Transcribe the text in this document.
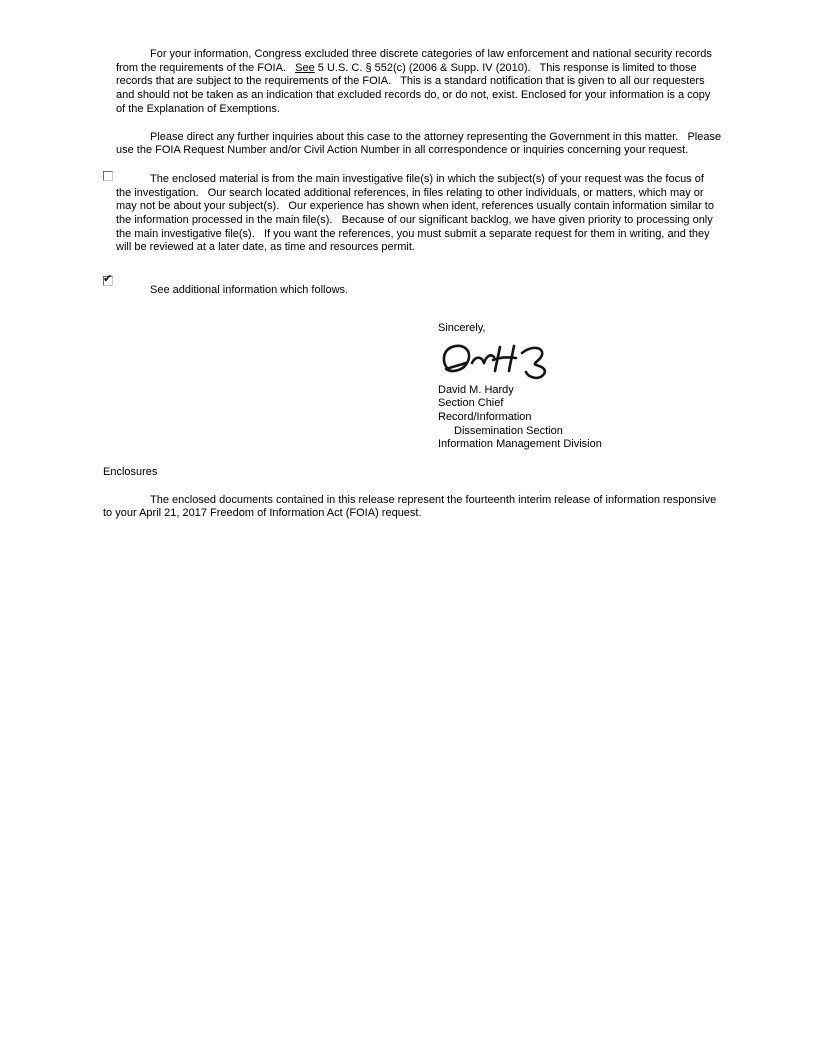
For your information, Congress excluded three discrete categories of law enforcement and national security records from the requirements of the FOIA.   See 5 U.S. C. § 552(c) (2006 & Supp. IV (2010).   This response is limited to those records that are subject to the requirements of the FOIA.   This is a standard notification that is given to all our requesters and should not be taken as an indication that excluded records do, or do not, exist. Enclosed for your information is a copy of the Explanation of Exemptions.

Please direct any further inquiries about this case to the attorney representing the Government in this matter.   Please use the FOIA Request Number and/or Civil Action Number in all correspondence or inquiries concerning your request.

The enclosed material is from the main investigative file(s) in which the subject(s) of your request was the focus of the investigation.   Our search located additional references, in files relating to other individuals, or matters, which may or may not be about your subject(s).   Our experience has shown when ident, references usually contain information similar to the information processed in the main file(s).   Because of our significant backlog, we have given priority to processing only the main investigative file(s).   If you want the references, you must submit a separate request for them in writing, and they will be reviewed at a later date, as time and resources permit.

✔

See additional information which follows.

Sincerely,
David M. Hardy
Section Chief
Record/Information
Dissemination Section
Information Management Division
Enclosures

The enclosed documents contained in this release represent the fourteenth interim release of information responsive to your April 21, 2017 Freedom of Information Act (FOIA) request.
